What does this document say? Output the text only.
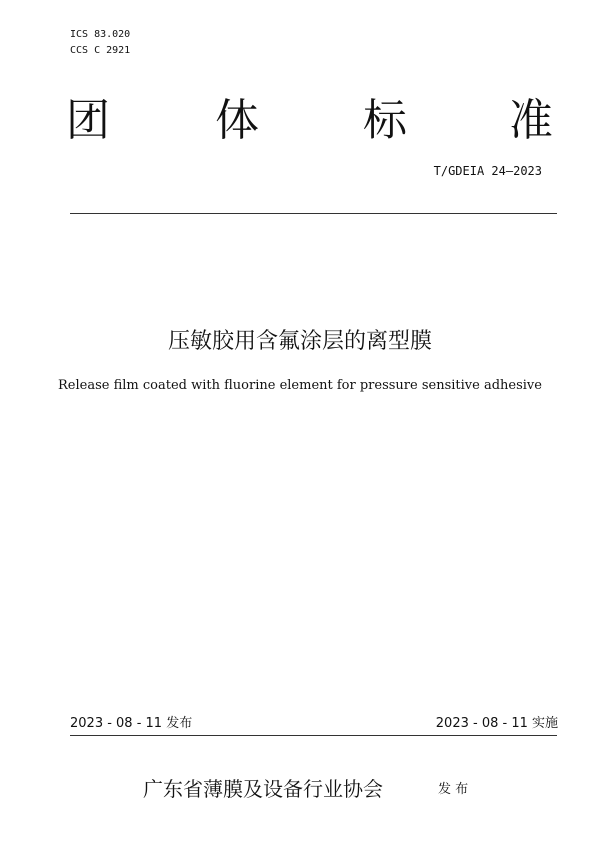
ICS 83.020
CCS C 2921
团 体 标 准
T/GDEIA 24—2023
压敏胶用含氟涂层的离型膜
Release film coated with fluorine element for pressure sensitive adhesive
2023 - 08 - 11 发布	2023 - 08 - 11 实施
广东省薄膜及设备行业协会	发 布
